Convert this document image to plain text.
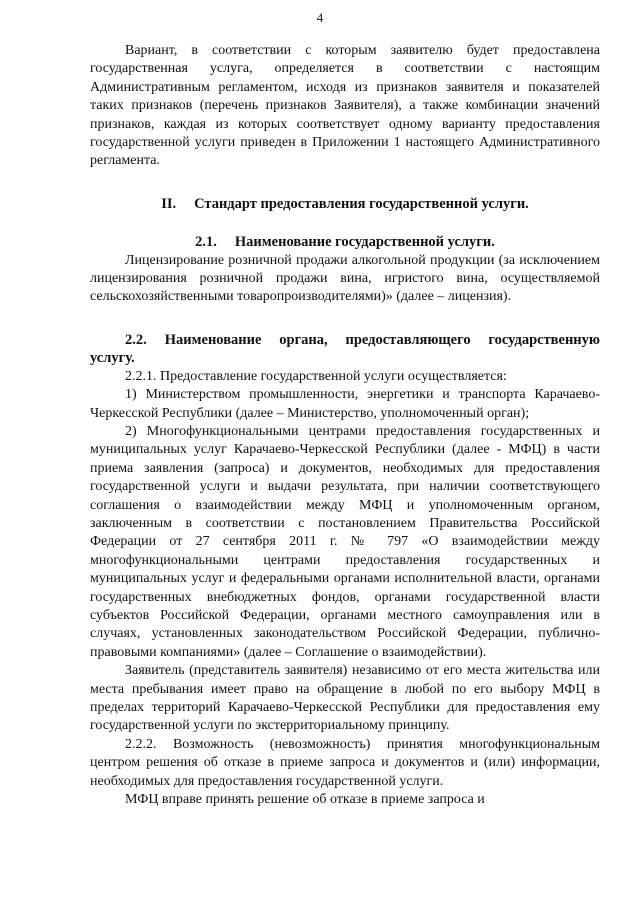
4

Вариант, в соответствии с которым заявителю будет предоставлена государственная услуга, определяется в соответствии с настоящим Административным регламентом, исходя из признаков заявителя и показателей таких признаков (перечень признаков Заявителя), а также комбинации значений признаков, каждая из которых соответствует одному варианту предоставления государственной услуги приведен в Приложении 1 настоящего Административного регламента.

II. Стандарт предоставления государственной услуги.

2.1. Наименование государственной услуги.

Лицензирование розничной продажи алкогольной продукции (за исключением лицензирования розничной продажи вина, игристого вина, осуществляемой сельскохозяйственными товаропроизводителями)» (далее – лицензия).

2.2. Наименование органа, предоставляющего государственную услугу.

2.2.1. Предоставление государственной услуги осуществляется:

1) Министерством промышленности, энергетики и транспорта Карачаево-Черкесской Республики (далее – Министерство, уполномоченный орган);

2) Многофункциональными центрами предоставления государственных и муниципальных услуг Карачаево-Черкесской Республики (далее - МФЦ) в части приема заявления (запроса) и документов, необходимых для предоставления государственной услуги и выдачи результата, при наличии соответствующего соглашения о взаимодействии между МФЦ и уполномоченным органом, заключенным в соответствии с постановлением Правительства Российской Федерации от 27 сентября 2011 г. № 797 «О взаимодействии между многофункциональными центрами предоставления государственных и муниципальных услуг и федеральными органами исполнительной власти, органами государственных внебюджетных фондов, органами государственной власти субъектов Российской Федерации, органами местного самоуправления или в случаях, установленных законодательством Российской Федерации, публично-правовыми компаниями» (далее – Соглашение о взаимодействии).

Заявитель (представитель заявителя) независимо от его места жительства или места пребывания имеет право на обращение в любой по его выбору МФЦ в пределах территорий Карачаево-Черкесской Республики для предоставления ему государственной услуги по экстерриториальному принципу.

2.2.2. Возможность (невозможность) принятия многофункциональным центром решения об отказе в приеме запроса и документов и (или) информации, необходимых для предоставления государственной услуги.

МФЦ вправе принять решение об отказе в приеме запроса и
